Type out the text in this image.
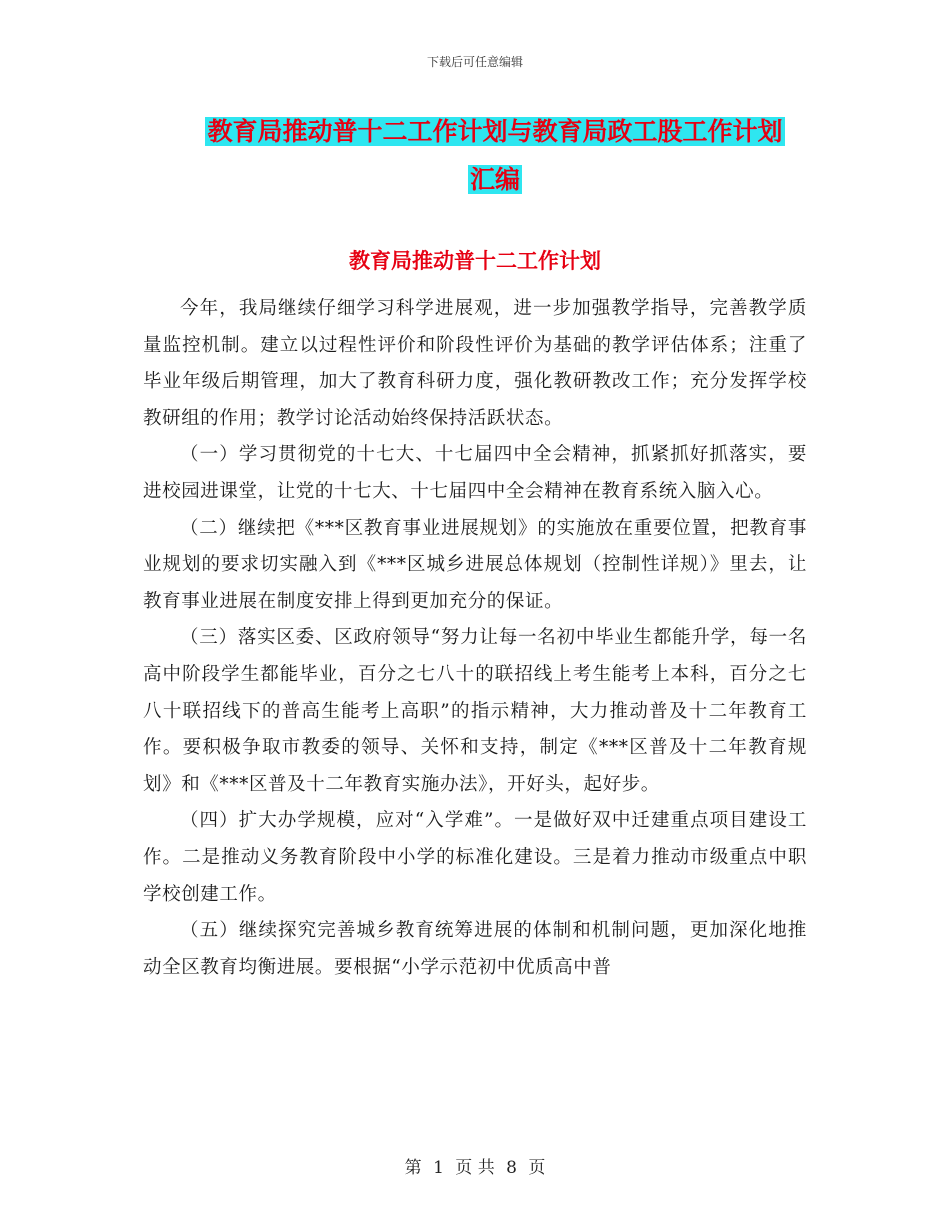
下载后可任意编辑
教育局推动普十二工作计划与教育局政工股工作计划
汇编
教育局推动普十二工作计划

今年，我局继续仔细学习科学进展观，进一步加强教学指导，完善教学质量监控机制。建立以过程性评价和阶段性评价为基础的教学评估体系；注重了毕业年级后期管理，加大了教育科研力度，强化教研教改工作；充分发挥学校教研组的作用；教学讨论活动始终保持活跃状态。

（一）学习贯彻党的十七大、十七届四中全会精神，抓紧抓好抓落实，要进校园进课堂，让党的十七大、十七届四中全会精神在教育系统入脑入心。

（二）继续把《***区教育事业进展规划》的实施放在重要位置，把教育事业规划的要求切实融入到《***区城乡进展总体规划（控制性详规）》里去，让教育事业进展在制度安排上得到更加充分的保证。

（三）落实区委、区政府领导“努力让每一名初中毕业生都能升学，每一名高中阶段学生都能毕业，百分之七八十的联招线上考生能考上本科，百分之七八十联招线下的普高生能考上高职”的指示精神，大力推动普及十二年教育工作。要积极争取市教委的领导、关怀和支持，制定《***区普及十二年教育规划》和《***区普及十二年教育实施办法》，开好头，起好步。

（四）扩大办学规模，应对“入学难”。一是做好双中迁建重点项目建设工作。二是推动义务教育阶段中小学的标准化建设。三是着力推动市级重点中职学校创建工作。

（五）继续探究完善城乡教育统筹进展的体制和机制问题，更加深化地推动全区教育均衡进展。要根据“小学示范初中优质高中普

第 1 页 共 8 页
